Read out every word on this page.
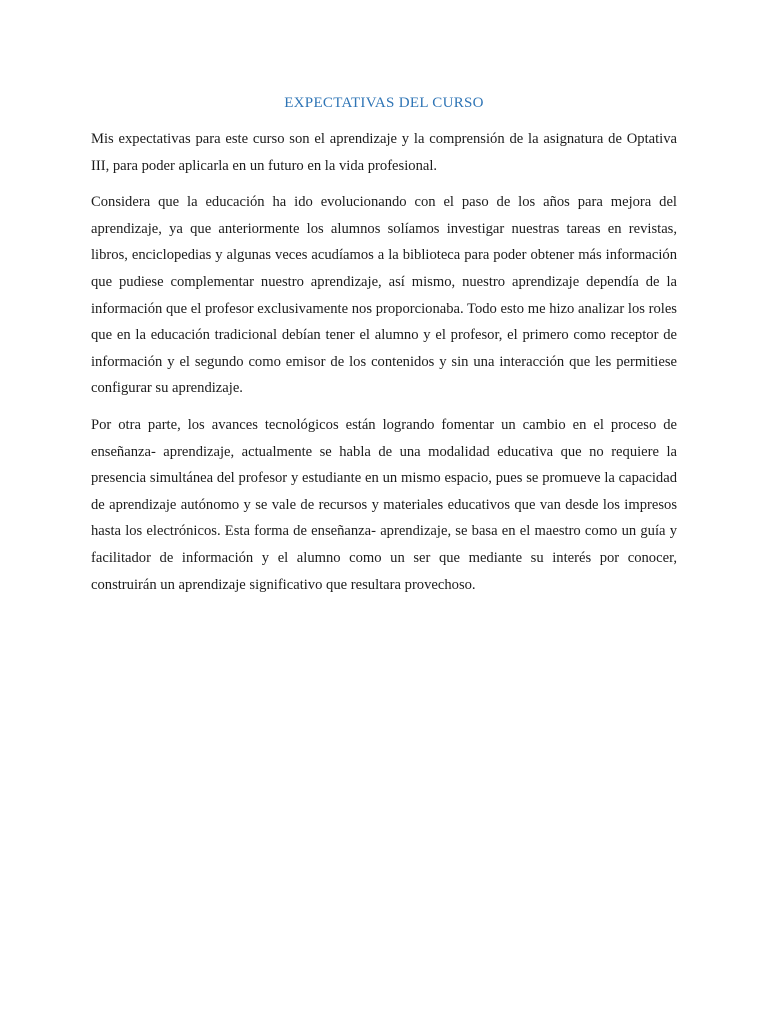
EXPECTATIVAS DEL CURSO

Mis expectativas para este curso son el aprendizaje y la comprensión de la asignatura de Optativa III, para poder aplicarla en un futuro en la vida profesional.

Considera que la educación ha ido evolucionando con el paso de los años para mejora del aprendizaje, ya que anteriormente los alumnos solíamos investigar nuestras tareas en revistas, libros, enciclopedias y algunas veces acudíamos a la biblioteca para poder obtener más información que pudiese complementar nuestro aprendizaje, así mismo, nuestro aprendizaje dependía de la información que el profesor exclusivamente nos proporcionaba. Todo esto me hizo analizar los roles que en la educación tradicional debían tener el alumno y el profesor, el primero como receptor de información y el segundo como emisor de los contenidos y sin una interacción que les permitiese configurar su aprendizaje.

Por otra parte, los avances tecnológicos están logrando fomentar un cambio en el proceso de enseñanza- aprendizaje, actualmente se habla de una modalidad educativa que no requiere la presencia simultánea del profesor y estudiante en un mismo espacio, pues se promueve la capacidad de aprendizaje autónomo y se vale de recursos y materiales educativos que van desde los impresos hasta los electrónicos. Esta forma de enseñanza- aprendizaje, se basa en el maestro como un guía y facilitador de información y el alumno como un ser que mediante su interés por conocer, construirán un aprendizaje significativo que resultara provechoso.
